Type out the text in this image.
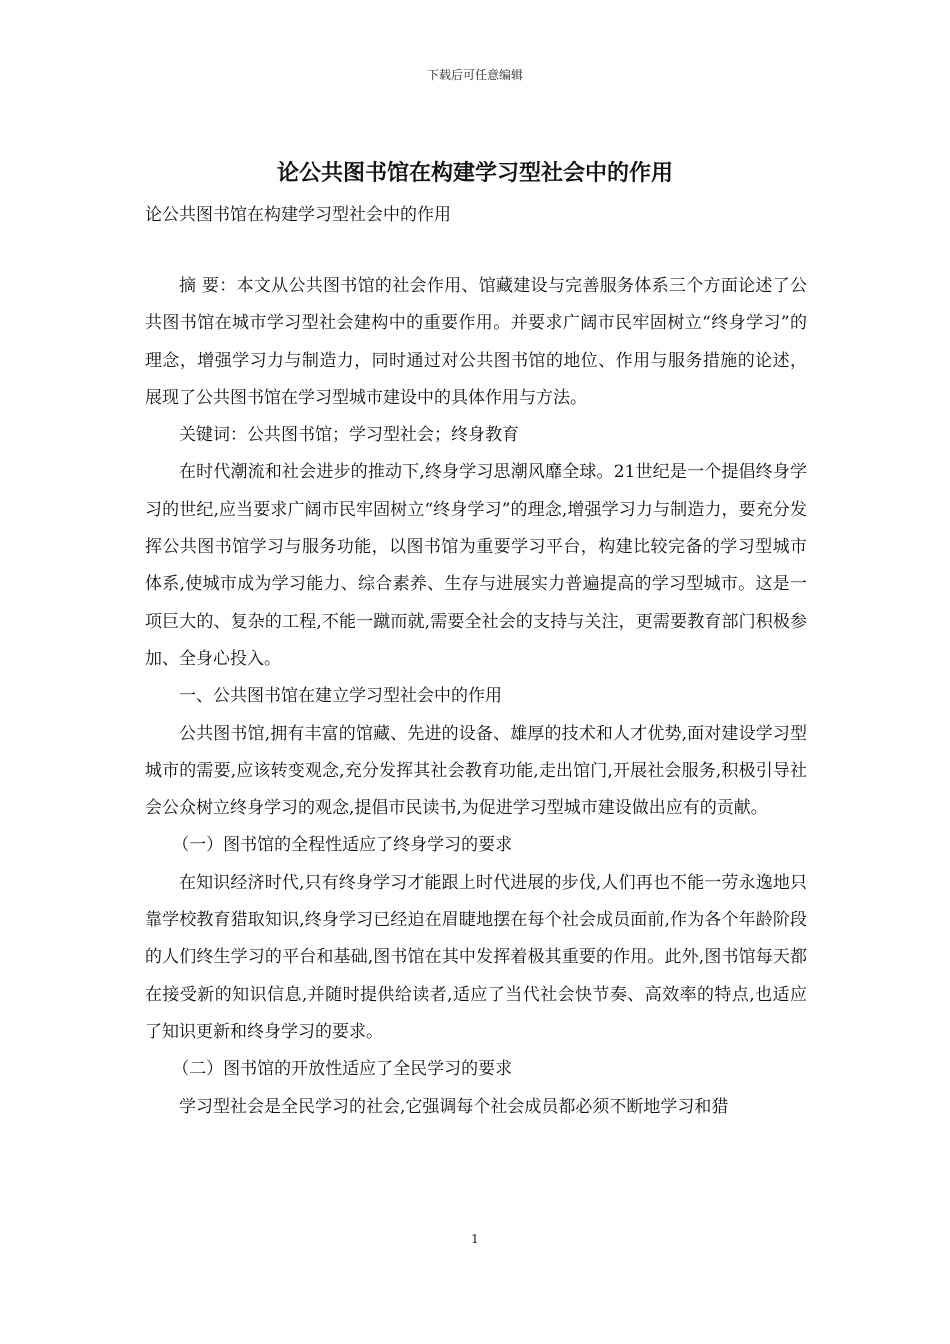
下载后可任意编辑
论公共图书馆在构建学习型社会中的作用
论公共图书馆在构建学习型社会中的作用

摘 要：本文从公共图书馆的社会作用、馆藏建设与完善服务体系三个方面论述了公共图书馆在城市学习型社会建构中的重要作用。并要求广阔市民牢固树立“终身学习”的理念，增强学习力与制造力，同时通过对公共图书馆的地位、作用与服务措施的论述，展现了公共图书馆在学习型城市建设中的具体作用与方法。

关键词：公共图书馆；学习型社会；终身教育

在时代潮流和社会进步的推动下,终身学习思潮风靡全球。21世纪是一个提倡终身学习的世纪,应当要求广阔市民牢固树立“终身学习”的理念,增强学习力与制造力，要充分发挥公共图书馆学习与服务功能，以图书馆为重要学习平台，构建比较完备的学习型城市体系,使城市成为学习能力、综合素养、生存与进展实力普遍提高的学习型城市。这是一项巨大的、复杂的工程,不能一蹴而就,需要全社会的支持与关注，更需要教育部门积极参加、全身心投入。

一、公共图书馆在建立学习型社会中的作用

公共图书馆,拥有丰富的馆藏、先进的设备、雄厚的技术和人才优势,面对建设学习型城市的需要,应该转变观念,充分发挥其社会教育功能,走出馆门,开展社会服务,积极引导社会公众树立终身学习的观念,提倡市民读书,为促进学习型城市建设做出应有的贡献。

（一）图书馆的全程性适应了终身学习的要求

在知识经济时代,只有终身学习才能跟上时代进展的步伐,人们再也不能一劳永逸地只靠学校教育猎取知识,终身学习已经迫在眉睫地摆在每个社会成员面前,作为各个年龄阶段的人们终生学习的平台和基础,图书馆在其中发挥着极其重要的作用。此外,图书馆每天都在接受新的知识信息,并随时提供给读者,适应了当代社会快节奏、高效率的特点,也适应了知识更新和终身学习的要求。

（二）图书馆的开放性适应了全民学习的要求

学习型社会是全民学习的社会,它强调每个社会成员都必须不断地学习和猎

1
